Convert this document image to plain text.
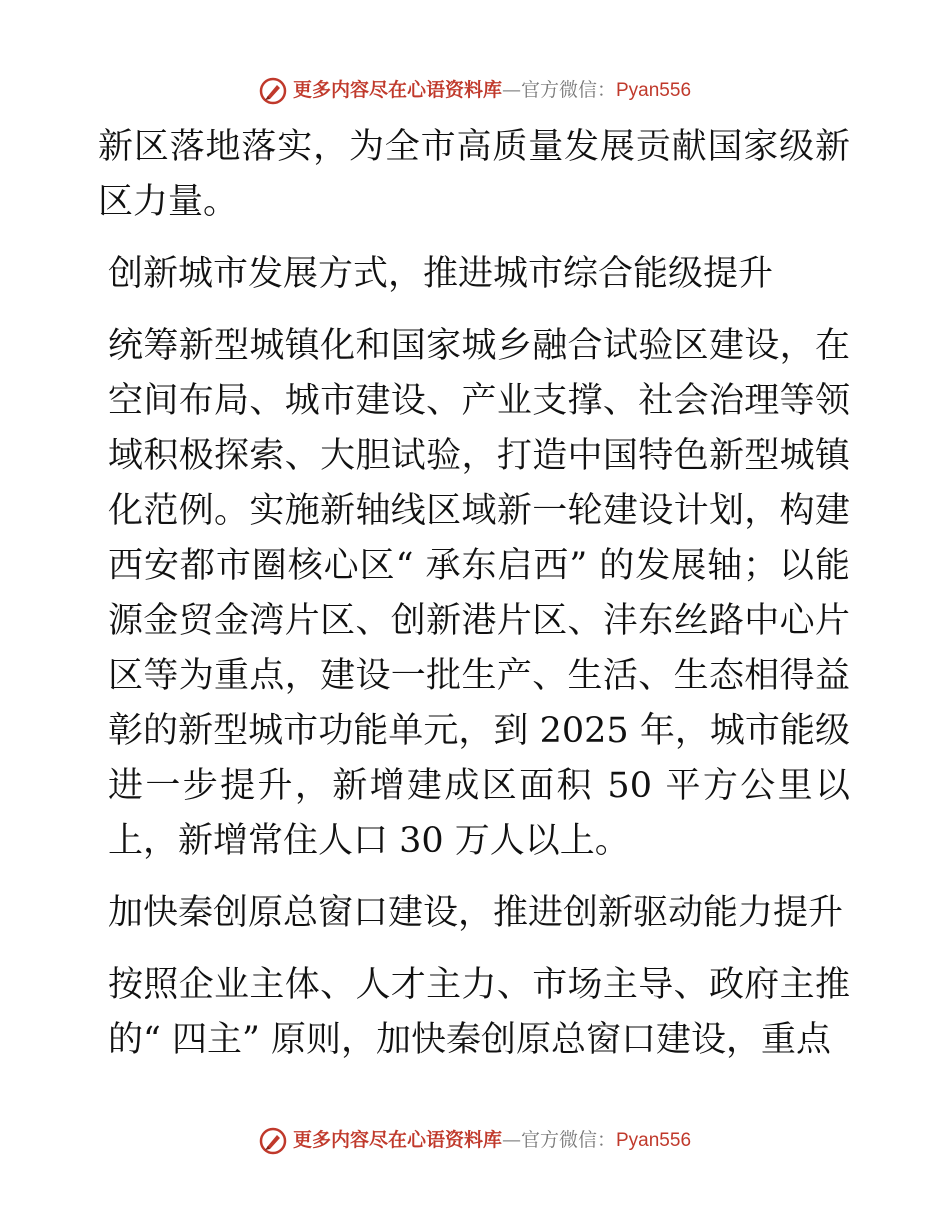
更多内容尽在心语资料库—官方微信：Pyan556

新区落地落实，为全市高质量发展贡献国家级新区力量。

创新城市发展方式，推进城市综合能级提升

统筹新型城镇化和国家城乡融合试验区建设，在空间布局、城市建设、产业支撑、社会治理等领域积极探索、大胆试验，打造中国特色新型城镇化范例。实施新轴线区域新一轮建设计划，构建西安都市圈核心区“ 承东启西” 的发展轴；以能源金贸金湾片区、创新港片区、沣东丝路中心片区等为重点，建设一批生产、生活、生态相得益彰的新型城市功能单元，到 2025 年，城市能级进一步提升，新增建成区面积 50 平方公里以上，新增常住人口 30 万人以上。

加快秦创原总窗口建设，推进创新驱动能力提升

按照企业主体、人才主力、市场主导、政府主推的“ 四主” 原则，加快秦创原总窗口建设，重点

更多内容尽在心语资料库—官方微信：Pyan556
